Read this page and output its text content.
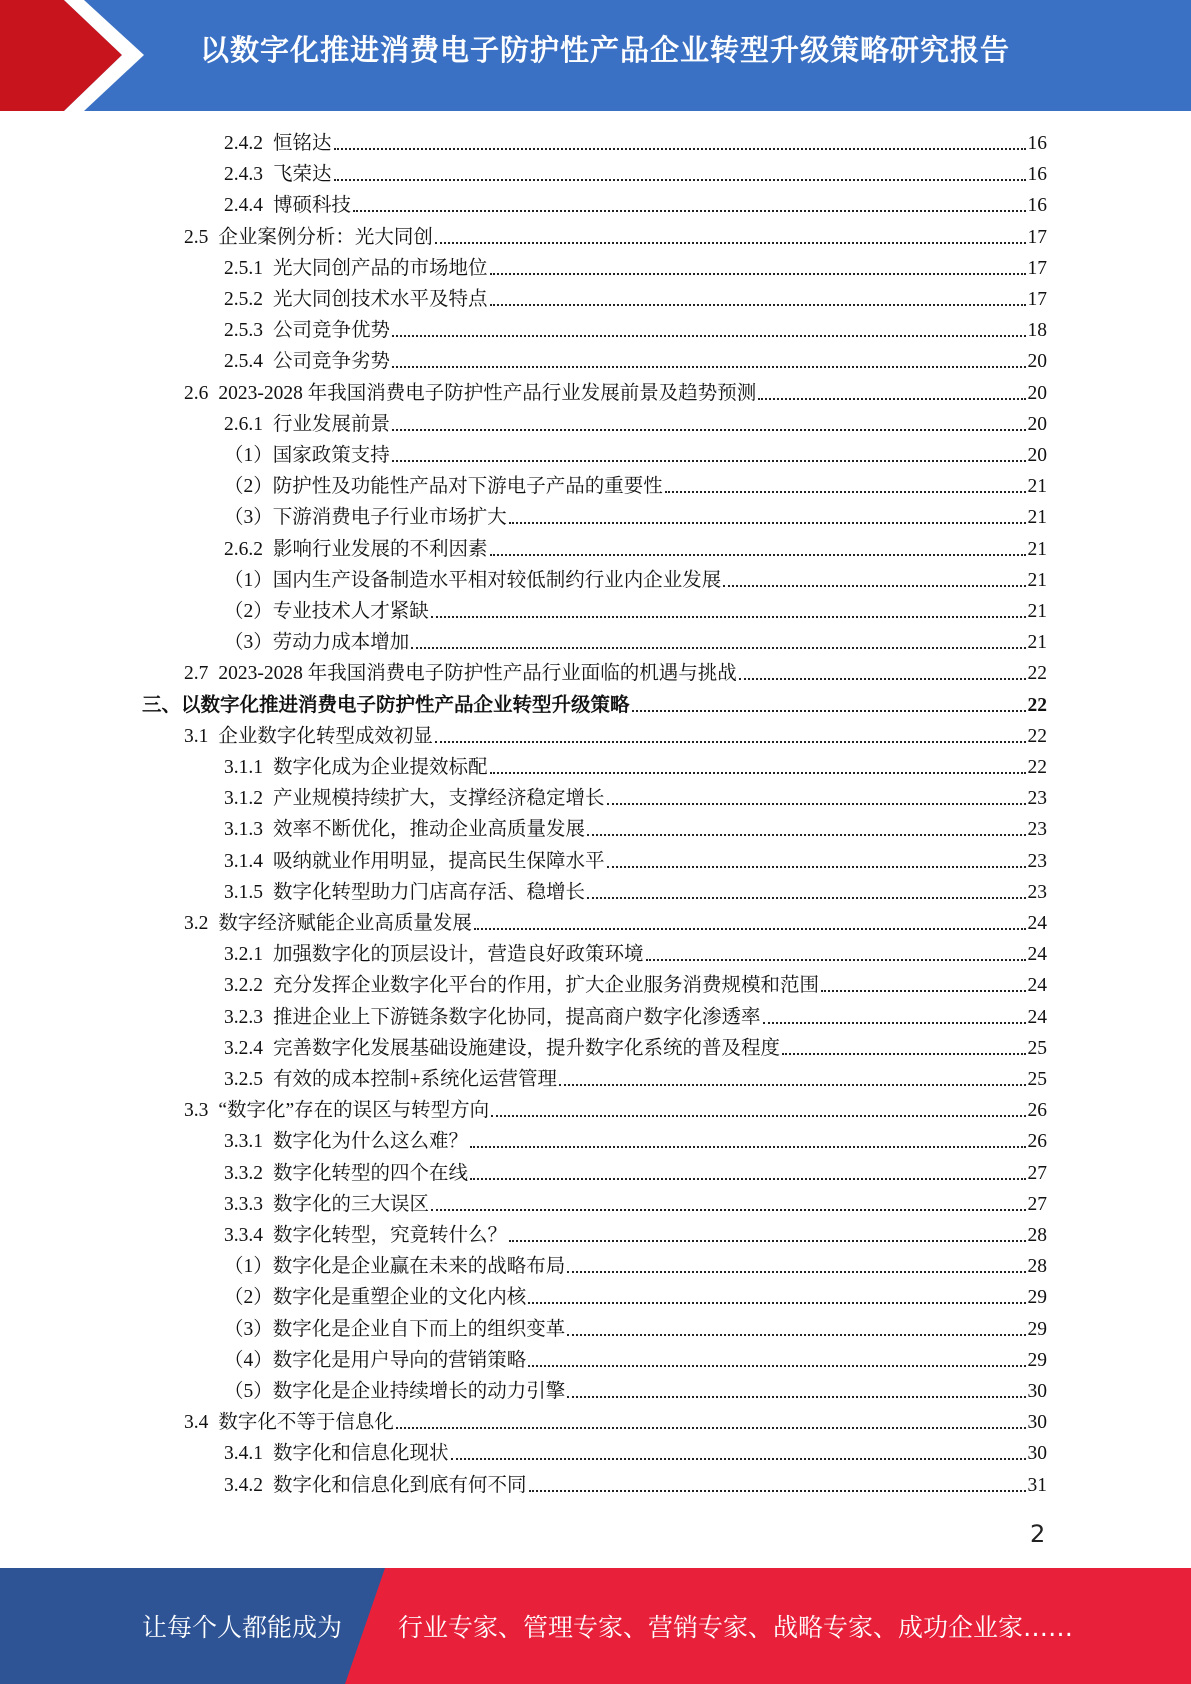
以数字化推进消费电子防护性产品企业转型升级策略研究报告
2.4.2 恒铭达	16
2.4.3 飞荣达	16
2.4.4 博硕科技	16
2.5 企业案例分析：光大同创	17
2.5.1 光大同创产品的市场地位	17
2.5.2 光大同创技术水平及特点	17
2.5.3 公司竞争优势	18
2.5.4 公司竞争劣势	20
2.6 2023-2028 年我国消费电子防护性产品行业发展前景及趋势预测	20
2.6.1 行业发展前景	20
（1） 国家政策支持	20
（2） 防护性及功能性产品对下游电子产品的重要性	21
（3） 下游消费电子行业市场扩大	21
2.6.2 影响行业发展的不利因素	21
（1） 国内生产设备制造水平相对较低制约行业内企业发展	21
（2） 专业技术人才紧缺	21
（3） 劳动力成本增加	21
2.7 2023-2028 年我国消费电子防护性产品行业面临的机遇与挑战	22
三、 以数字化推进消费电子防护性产品企业转型升级策略	22
3.1 企业数字化转型成效初显	22
3.1.1 数字化成为企业提效标配	22
3.1.2 产业规模持续扩大，支撑经济稳定增长	23
3.1.3 效率不断优化，推动企业高质量发展	23
3.1.4 吸纳就业作用明显，提高民生保障水平	23
3.1.5 数字化转型助力门店高存活、稳增长	23
3.2 数字经济赋能企业高质量发展	24
3.2.1 加强数字化的顶层设计，营造良好政策环境	24
3.2.2 充分发挥企业数字化平台的作用，扩大企业服务消费规模和范围	24
3.2.3 推进企业上下游链条数字化协同，提高商户数字化渗透率	24
3.2.4 完善数字化发展基础设施建设，提升数字化系统的普及程度	25
3.2.5 有效的成本控制+系统化运营管理	25
3.3 “数字化”存在的误区与转型方向	26
3.3.1 数字化为什么这么难？	26
3.3.2 数字化转型的四个在线	27
3.3.3 数字化的三大误区	27
3.3.4 数字化转型，究竟转什么？	28
（1） 数字化是企业赢在未来的战略布局	28
（2） 数字化是重塑企业的文化内核	29
（3） 数字化是企业自下而上的组织变革	29
（4） 数字化是用户导向的营销策略	29
（5） 数字化是企业持续增长的动力引擎	30
3.4 数字化不等于信息化	30
3.4.1 数字化和信息化现状	30
3.4.2 数字化和信息化到底有何不同	31
2
让每个人都能成为 行业专家、管理专家、营销专家、战略专家、成功企业家……
